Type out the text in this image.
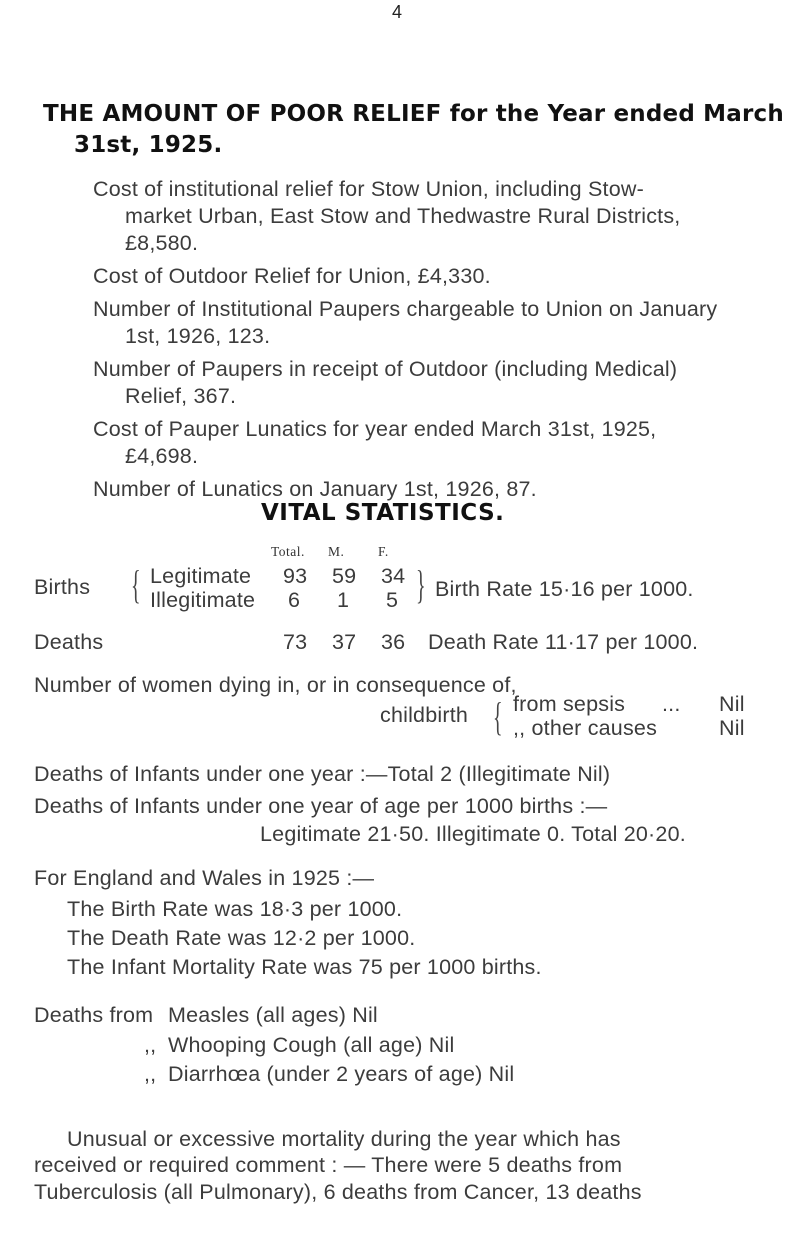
4
THE AMOUNT OF POOR RELIEF for the Year ended March
31st, 1925.
Cost of institutional relief for Stow Union, including Stow-
market Urban, East Stow and Thedwastre Rural Districts,
£8,580.
Cost of Outdoor Relief for Union, £4,330.
Number of Institutional Paupers chargeable to Union on January
1st, 1926, 123.
Number of Paupers in receipt of Outdoor (including Medical)
Relief, 367.
Cost of Pauper Lunatics for year ended March 31st, 1925,
£4,698.
Number of Lunatics on January 1st, 1926, 87.
VITAL STATISTICS.
Total. M. F.
Births { Legitimate 93 59 34
Illegitimate 6 1 5 } Birth Rate 15·16 per 1000.
Deaths	73 37 36 Death Rate 11·17 per 1000.
Number of women dying in, or in consequence of,
childbirth { from sepsis ... Nil
,, other causes	Nil
Deaths of Infants under one year :—Total 2 (Illegitimate Nil)
Deaths of Infants under one year of age per 1000 births :—
Legitimate 21·50. Illegitimate 0. Total 20·20.
For England and Wales in 1925 :—
The Birth Rate was 18·3 per 1000.
The Death Rate was 12·2 per 1000.
The Infant Mortality Rate was 75 per 1000 births.
Deaths from Measles (all ages) Nil
,, Whooping Cough (all age) Nil
,, Diarrhœa (under 2 years of age) Nil
Unusual or excessive mortality during the year which has
received or required comment : — There were 5 deaths from
Tuberculosis (all Pulmonary), 6 deaths from Cancer, 13 deaths
